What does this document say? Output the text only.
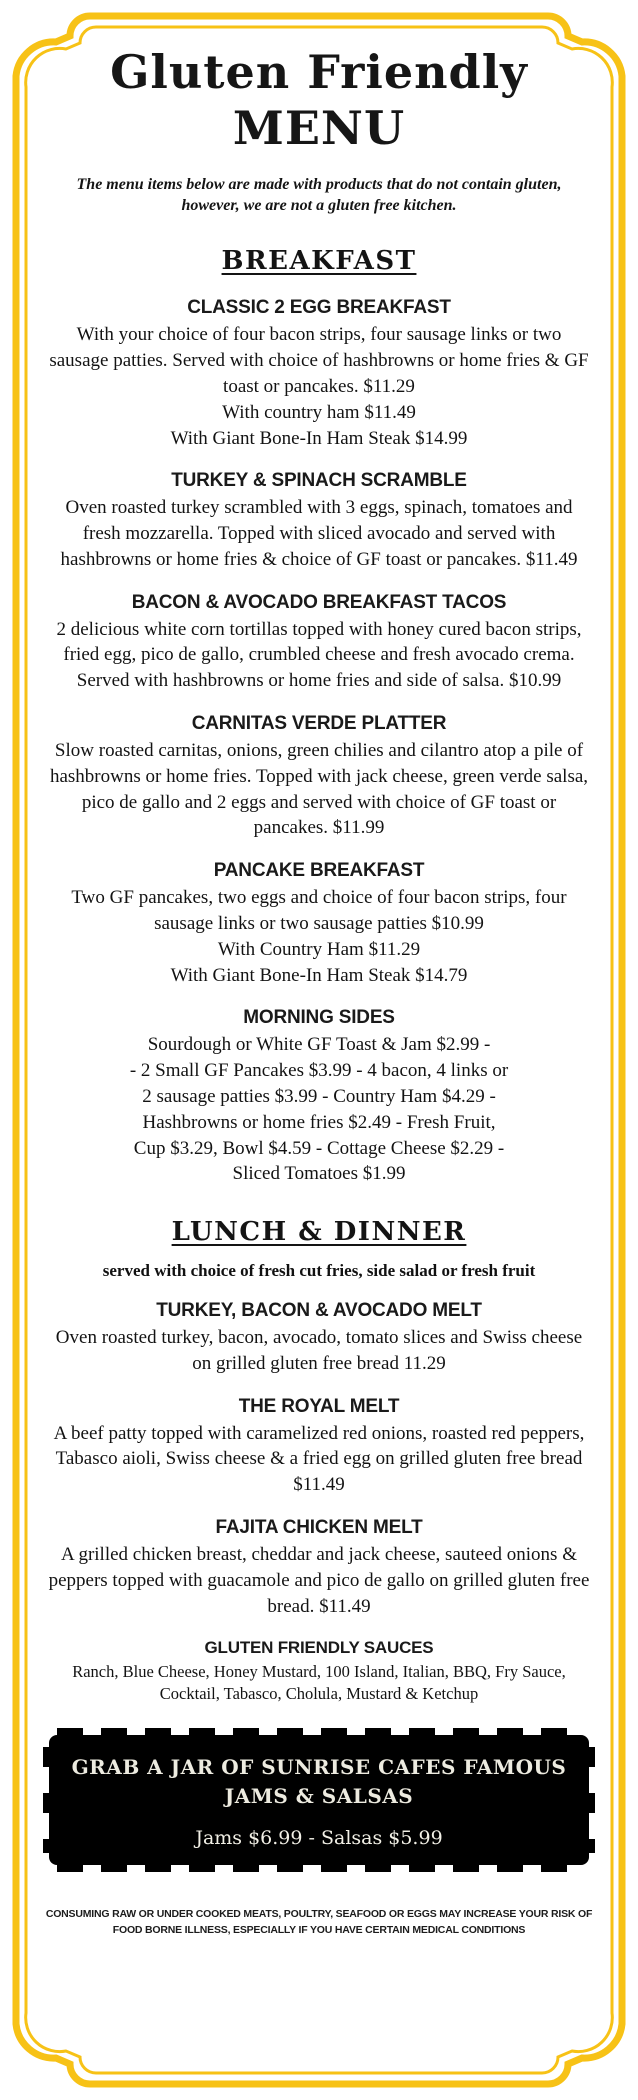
Gluten Friendly
MENU

The menu items below are made with products that do not contain gluten, however, we are not a gluten free kitchen.

BREAKFAST

CLASSIC 2 EGG BREAKFAST

With your choice of four bacon strips, four sausage links or two sausage patties. Served with choice of hashbrowns or home fries & GF toast or pancakes. $11.29
With country ham $11.49
With Giant Bone-In Ham Steak $14.99

TURKEY & SPINACH SCRAMBLE

Oven roasted turkey scrambled with 3 eggs, spinach, tomatoes and fresh mozzarella. Topped with sliced avocado and served with hashbrowns or home fries & choice of GF toast or pancakes. $11.49

BACON & AVOCADO BREAKFAST TACOS

2 delicious white corn tortillas topped with honey cured bacon strips, fried egg, pico de gallo, crumbled cheese and fresh avocado crema. Served with hashbrowns or home fries and side of salsa. $10.99

CARNITAS VERDE PLATTER

Slow roasted carnitas, onions, green chilies and cilantro atop a pile of hashbrowns or home fries. Topped with jack cheese, green verde salsa, pico de gallo and 2 eggs and served with choice of GF toast or pancakes. $11.99

PANCAKE BREAKFAST

Two GF pancakes, two eggs and choice of four bacon strips, four sausage links or two sausage patties $10.99
With Country Ham $11.29
With Giant Bone-In Ham Steak $14.79

MORNING SIDES

Sourdough or White GF Toast & Jam $2.99 -
- 2 Small GF Pancakes $3.99 - 4 bacon, 4 links or
2 sausage patties $3.99 - Country Ham $4.29 -
Hashbrowns or home fries $2.49 - Fresh Fruit,
Cup $3.29, Bowl $4.59 - Cottage Cheese $2.29 -
Sliced Tomatoes $1.99

LUNCH & DINNER

served with choice of fresh cut fries, side salad or fresh fruit

TURKEY, BACON & AVOCADO MELT

Oven roasted turkey, bacon, avocado, tomato slices and Swiss cheese on grilled gluten free bread 11.29

THE ROYAL MELT

A beef patty topped with caramelized red onions, roasted red peppers, Tabasco aioli, Swiss cheese & a fried egg on grilled gluten free bread $11.49

FAJITA CHICKEN MELT

A grilled chicken breast, cheddar and jack cheese, sauteed onions & peppers topped with guacamole and pico de gallo on grilled gluten free bread. $11.49

GLUTEN FRIENDLY SAUCES

Ranch, Blue Cheese, Honey Mustard, 100 Island, Italian, BBQ, Fry Sauce, Cocktail, Tabasco, Cholula, Mustard & Ketchup

GRAB A JAR OF SUNRISE CAFES FAMOUS JAMS & SALSAS

Jams $6.99 - Salsas $5.99

CONSUMING RAW OR UNDER COOKED MEATS, POULTRY, SEAFOOD OR EGGS MAY INCREASE YOUR RISK OF FOOD BORNE ILLNESS, ESPECIALLY IF YOU HAVE CERTAIN MEDICAL CONDITIONS
